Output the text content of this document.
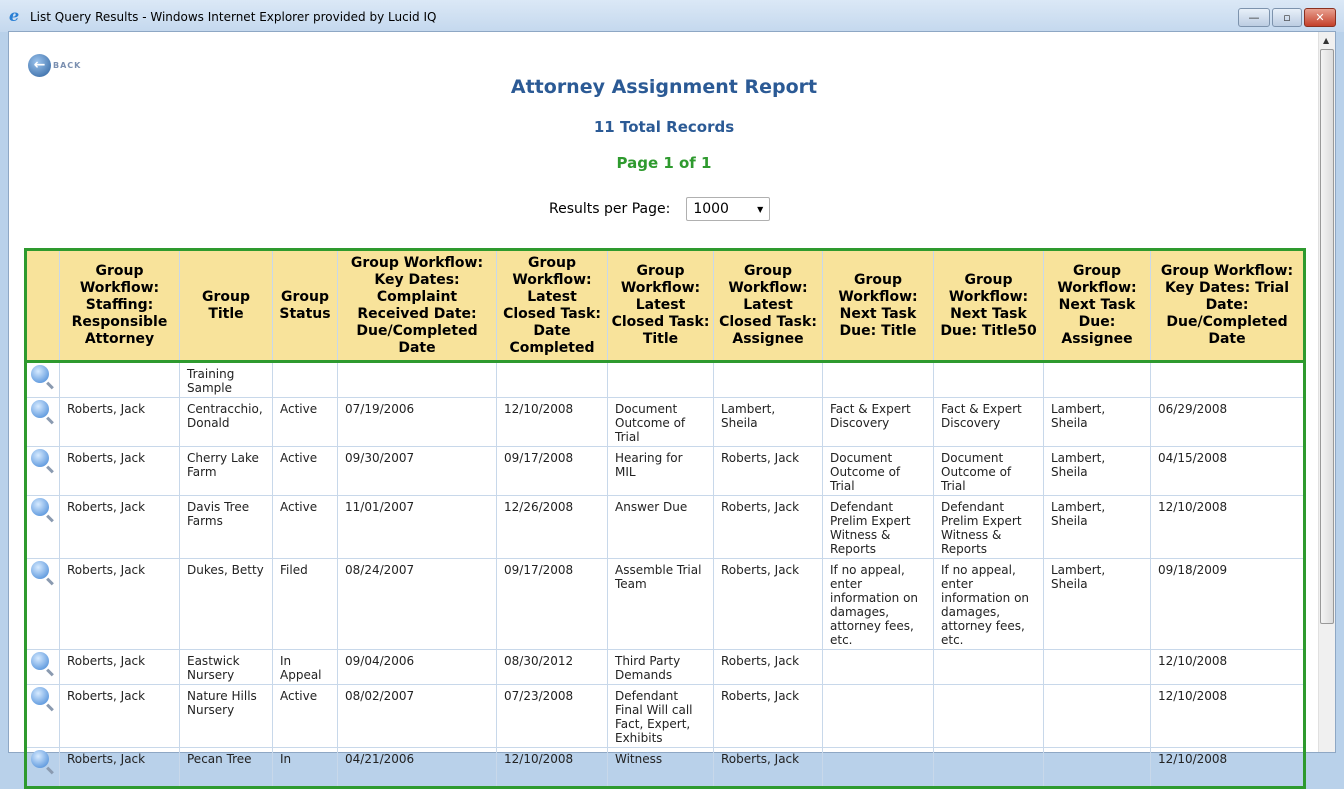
e List Query Results - Windows Internet Explorer provided by Lucid IQ	—	▫	✕
← BACK
Attorney Assignment Report
11 Total Records
Page 1 of 1
Results per Page: 1000	▼
	Group Workflow: Staffing: Responsible Attorney	Group Title	Group Status	Group Workflow: Key Dates: Complaint Received Date: Due/Completed Date	Group Workflow: Latest Closed Task: Date Completed	Group Workflow: Latest Closed Task: Title	Group Workflow: Latest Closed Task: Assignee	Group Workflow: Next Task Due: Title	Group Workflow: Next Task Due: Title50	Group Workflow: Next Task Due: Assignee	Group Workflow: Key Dates: Trial Date: Due/Completed Date
		Training Sample									
	Roberts, Jack	Centracchio, Donald	Active	07/19/2006	12/10/2008	Document Outcome of Trial	Lambert, Sheila	Fact & Expert Discovery	Fact & Expert Discovery	Lambert, Sheila	06/29/2008
	Roberts, Jack	Cherry Lake Farm	Active	09/30/2007	09/17/2008	Hearing for MIL	Roberts, Jack	Document Outcome of Trial	Document Outcome of Trial	Lambert, Sheila	04/15/2008
	Roberts, Jack	Davis Tree Farms	Active	11/01/2007	12/26/2008	Answer Due	Roberts, Jack	Defendant Prelim Expert Witness & Reports	Defendant Prelim Expert Witness & Reports	Lambert, Sheila	12/10/2008
	Roberts, Jack	Dukes, Betty	Filed	08/24/2007	09/17/2008	Assemble Trial Team	Roberts, Jack	If no appeal, enter information on damages, attorney fees, etc.	If no appeal, enter information on damages, attorney fees, etc.	Lambert, Sheila	09/18/2009
	Roberts, Jack	Eastwick Nursery	In Appeal	09/04/2006	08/30/2012	Third Party Demands	Roberts, Jack				12/10/2008
	Roberts, Jack	Nature Hills Nursery	Active	08/02/2007	07/23/2008	Defendant Final Will call Fact, Expert, Exhibits	Roberts, Jack				12/10/2008
	Roberts, Jack	Pecan Tree	In	04/21/2006	12/10/2008	Witness	Roberts, Jack				12/10/2008
▲
